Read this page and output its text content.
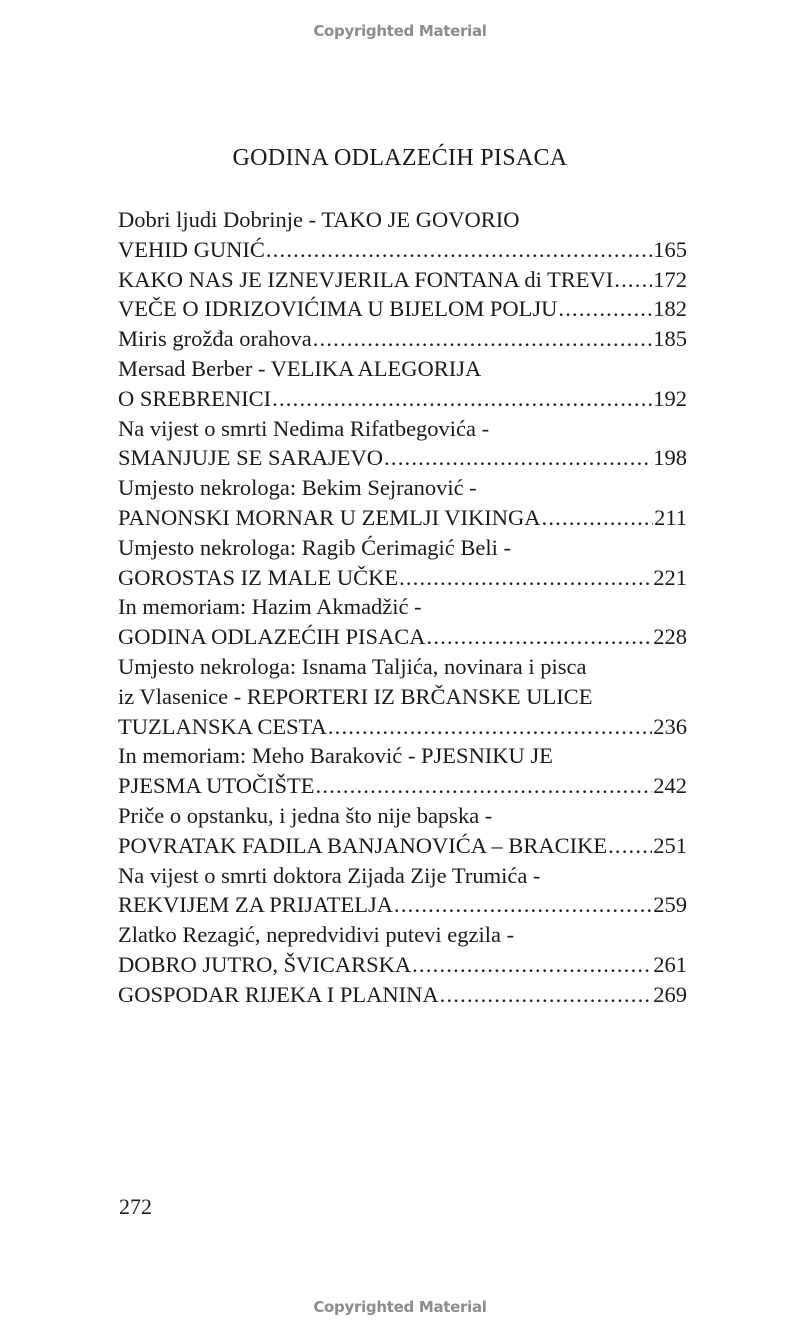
Copyrighted Material
GODINA ODLAZEĆIH PISACA
Dobri ljudi Dobrinje - TAKO JE GOVORIO
VEHID GUNIĆ .....	165
KAKO NAS JE IZNEVJERILA FONTANA di TREVI ..... 172
VEČE O IDRIZOVIĆIMA U BIJELOM POLJU .....	182
Miris grožđa orahova .....	185
Mersad Berber - VELIKA ALEGORIJA
O SREBRENICI .....	192
Na vijest o smrti Nedima Rifatbegovića -
SMANJUJE SE SARAJEVO .....	198
Umjesto nekrologa: Bekim Sejranović -
PANONSKI MORNAR U ZEMLJI VIKINGA .....	211
Umjesto nekrologa: Ragib Ćerimagić Beli -
GOROSTAS IZ MALE UČKE .....	221
In memoriam: Hazim Akmadžić -
GODINA ODLAZEĆIH PISACA .....	228
Umjesto nekrologa: Isnama Taljića, novinara i pisca
iz Vlasenice - REPORTERI IZ BRČANSKE ULICE
TUZLANSKA CESTA .....	236
In memoriam: Meho Baraković - PJESNIKU JE
PJESMA UTOČIŠTE .....	242
Priče o opstanku, i jedna što nije bapska -
POVRATAK FADILA BANJANOVIĆA – BRACIKE ..... 251
Na vijest o smrti doktora Zijada Zije Trumića -
REKVIJEM ZA PRIJATELJA .....	259
Zlatko Rezagić, nepredvidivi putevi egzila -
DOBRO JUTRO, ŠVICARSKA .....	261
GOSPODAR RIJEKA I PLANINA .....	269
272
Copyrighted Material
